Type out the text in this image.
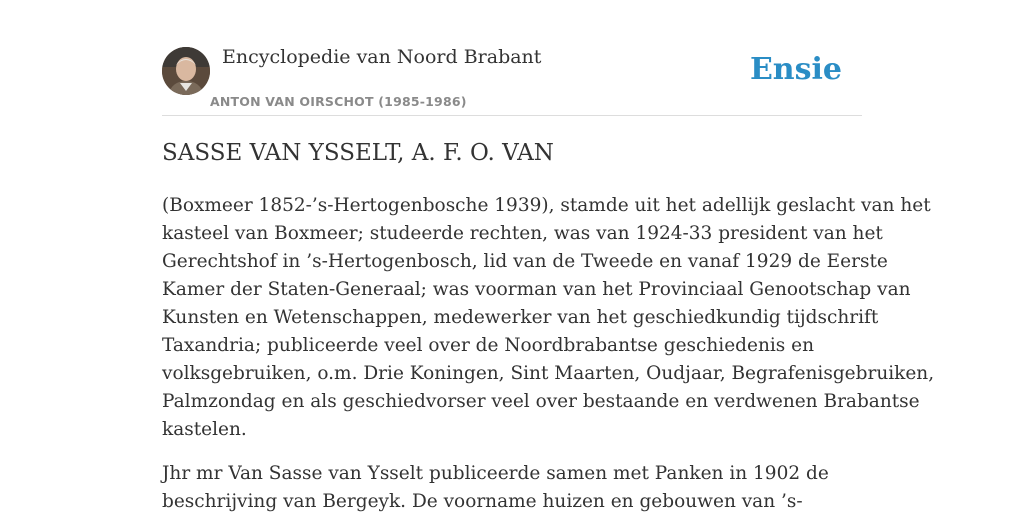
Encyclopedie van Noord Brabant
ANTON VAN OIRSCHOT (1985-1986)
Ensie
SASSE VAN YSSELT, A. F. O. VAN

(Boxmeer 1852-’s-Hertogenbosche 1939), stamde uit het adellijk geslacht van het
kasteel van Boxmeer; studeerde rechten, was van 1924-33 president van het
Gerechtshof in ’s-Hertogenbosch, lid van de Tweede en vanaf 1929 de Eerste
Kamer der Staten-Generaal; was voorman van het Provinciaal Genootschap van
Kunsten en Wetenschappen, medewerker van het geschiedkundig tijdschrift
Taxandria; publiceerde veel over de Noordbrabantse geschiedenis en
volksgebruiken, o.m. Drie Koningen, Sint Maarten, Oudjaar, Begrafenisgebruiken,
Palmzondag en als geschiedvorser veel over bestaande en verdwenen Brabantse
kastelen.

Jhr mr Van Sasse van Ysselt publiceerde samen met Panken in 1902 de
beschrijving van Bergeyk. De voorname huizen en gebouwen van ’s-
